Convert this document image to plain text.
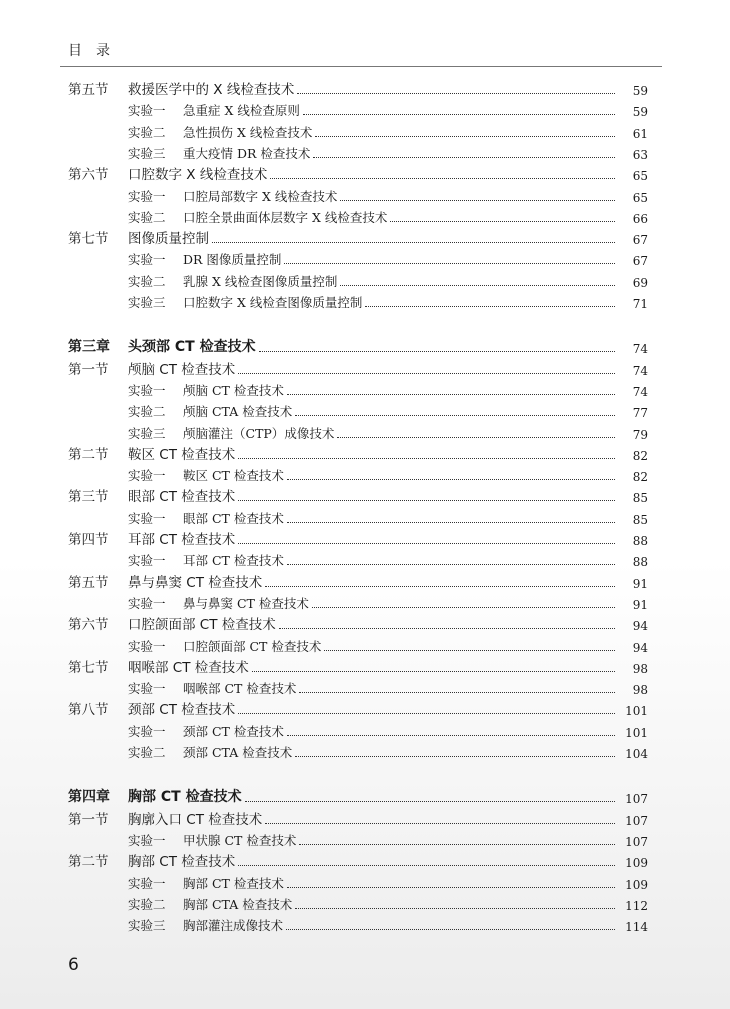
目录
第五节 救援医学中的 X 线检查技术	59
实验一 急重症 X 线检查原则	59
实验二 急性损伤 X 线检查技术	61
实验三 重大疫情 DR 检查技术	63
第六节 口腔数字 X 线检查技术	65
实验一 口腔局部数字 X 线检查技术	65
实验二 口腔全景曲面体层数字 X 线检查技术	66
第七节 图像质量控制	67
实验一 DR 图像质量控制	67
实验二 乳腺 X 线检查图像质量控制	69
实验三 口腔数字 X 线检查图像质量控制	71
第三章 头颈部 CT 检查技术	74
第一节 颅脑 CT 检查技术	74
实验一 颅脑 CT 检查技术	74
实验二 颅脑 CTA 检查技术	77
实验三 颅脑灌注（CTP）成像技术	79
第二节 鞍区 CT 检查技术	82
实验一 鞍区 CT 检查技术	82
第三节 眼部 CT 检查技术	85
实验一 眼部 CT 检查技术	85
第四节 耳部 CT 检查技术	88
实验一 耳部 CT 检查技术	88
第五节 鼻与鼻窦 CT 检查技术	91
实验一 鼻与鼻窦 CT 检查技术	91
第六节 口腔颌面部 CT 检查技术	94
实验一 口腔颌面部 CT 检查技术	94
第七节 咽喉部 CT 检查技术	98
实验一 咽喉部 CT 检查技术	98
第八节 颈部 CT 检查技术	101
实验一 颈部 CT 检查技术	101
实验二 颈部 CTA 检查技术	104
第四章 胸部 CT 检查技术	107
第一节 胸廓入口 CT 检查技术	107
实验一 甲状腺 CT 检查技术	107
第二节 胸部 CT 检查技术	109
实验一 胸部 CT 检查技术	109
实验二 胸部 CTA 检查技术	112
实验三 胸部灌注成像技术	114
6
